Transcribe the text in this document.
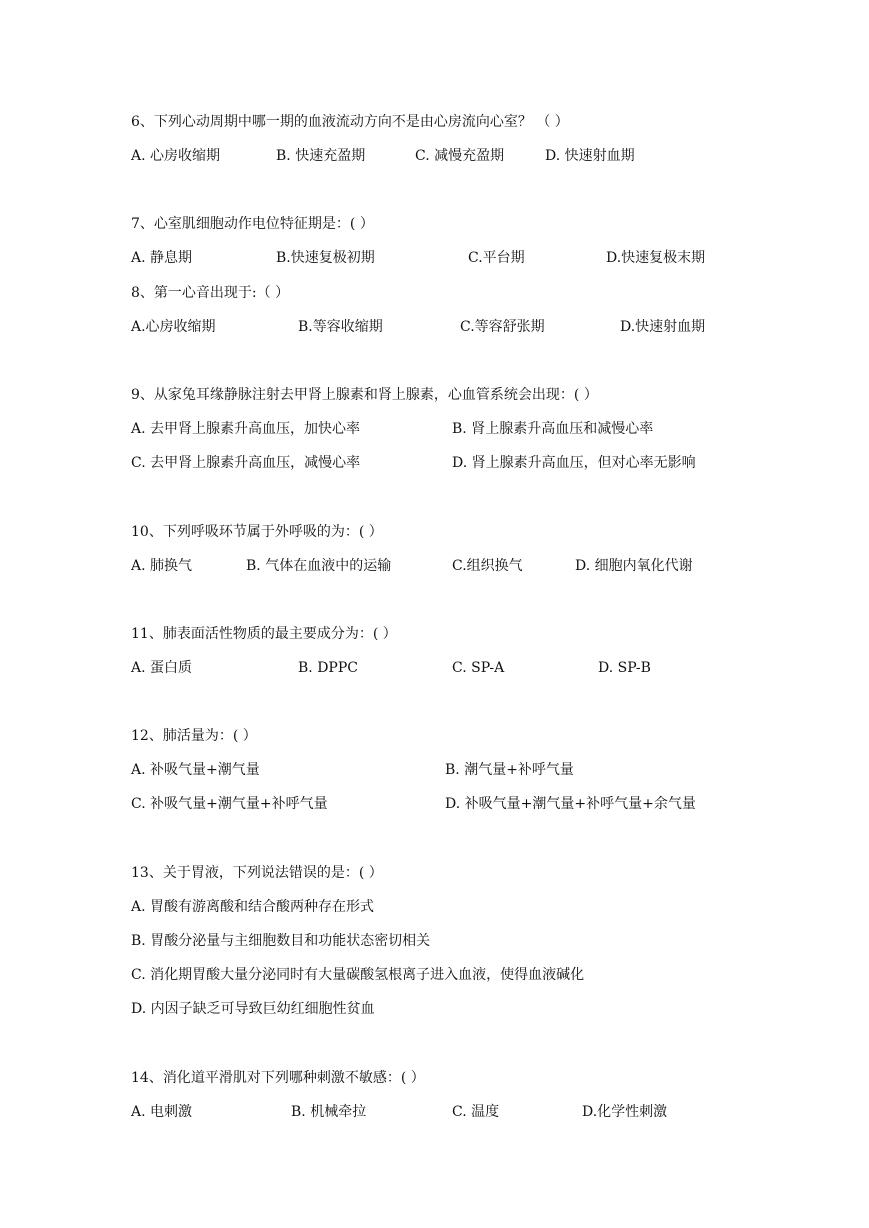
6、下列心动周期中哪一期的血液流动方向不是由心房流向心室？ （ ）
A. 心房收缩期	B. 快速充盈期	C. 减慢充盈期	D. 快速射血期
7、心室肌细胞动作电位特征期是：( ）
A. 静息期	B.快速复极初期	C.平台期	D.快速复极末期
8、第一心音出现于:（ ）
A.心房收缩期	B.等容收缩期	C.等容舒张期	D.快速射血期
9、从家兔耳缘静脉注射去甲肾上腺素和肾上腺素，心血管系统会出现：( ）
A. 去甲肾上腺素升高血压，加快心率	B. 肾上腺素升高血压和减慢心率
C. 去甲肾上腺素升高血压，减慢心率	D. 肾上腺素升高血压，但对心率无影响
10、下列呼吸环节属于外呼吸的为：( ）
A. 肺换气	B. 气体在血液中的运输	C.组织换气	D. 细胞内氧化代谢
11、肺表面活性物质的最主要成分为：( ）
A. 蛋白质	B. DPPC	C. SP-A	D. SP-B
12、肺活量为：( ）
A. 补吸气量+潮气量	B. 潮气量+补呼气量
C. 补吸气量+潮气量+补呼气量	D. 补吸气量+潮气量+补呼气量+余气量
13、关于胃液，下列说法错误的是：( ）
A. 胃酸有游离酸和结合酸两种存在形式
B. 胃酸分泌量与主细胞数目和功能状态密切相关
C. 消化期胃酸大量分泌同时有大量碳酸氢根离子进入血液，使得血液碱化
D. 内因子缺乏可导致巨幼红细胞性贫血
14、消化道平滑肌对下列哪种刺激不敏感：( ）
A. 电刺激	B. 机械牵拉	C. 温度	D.化学性刺激
